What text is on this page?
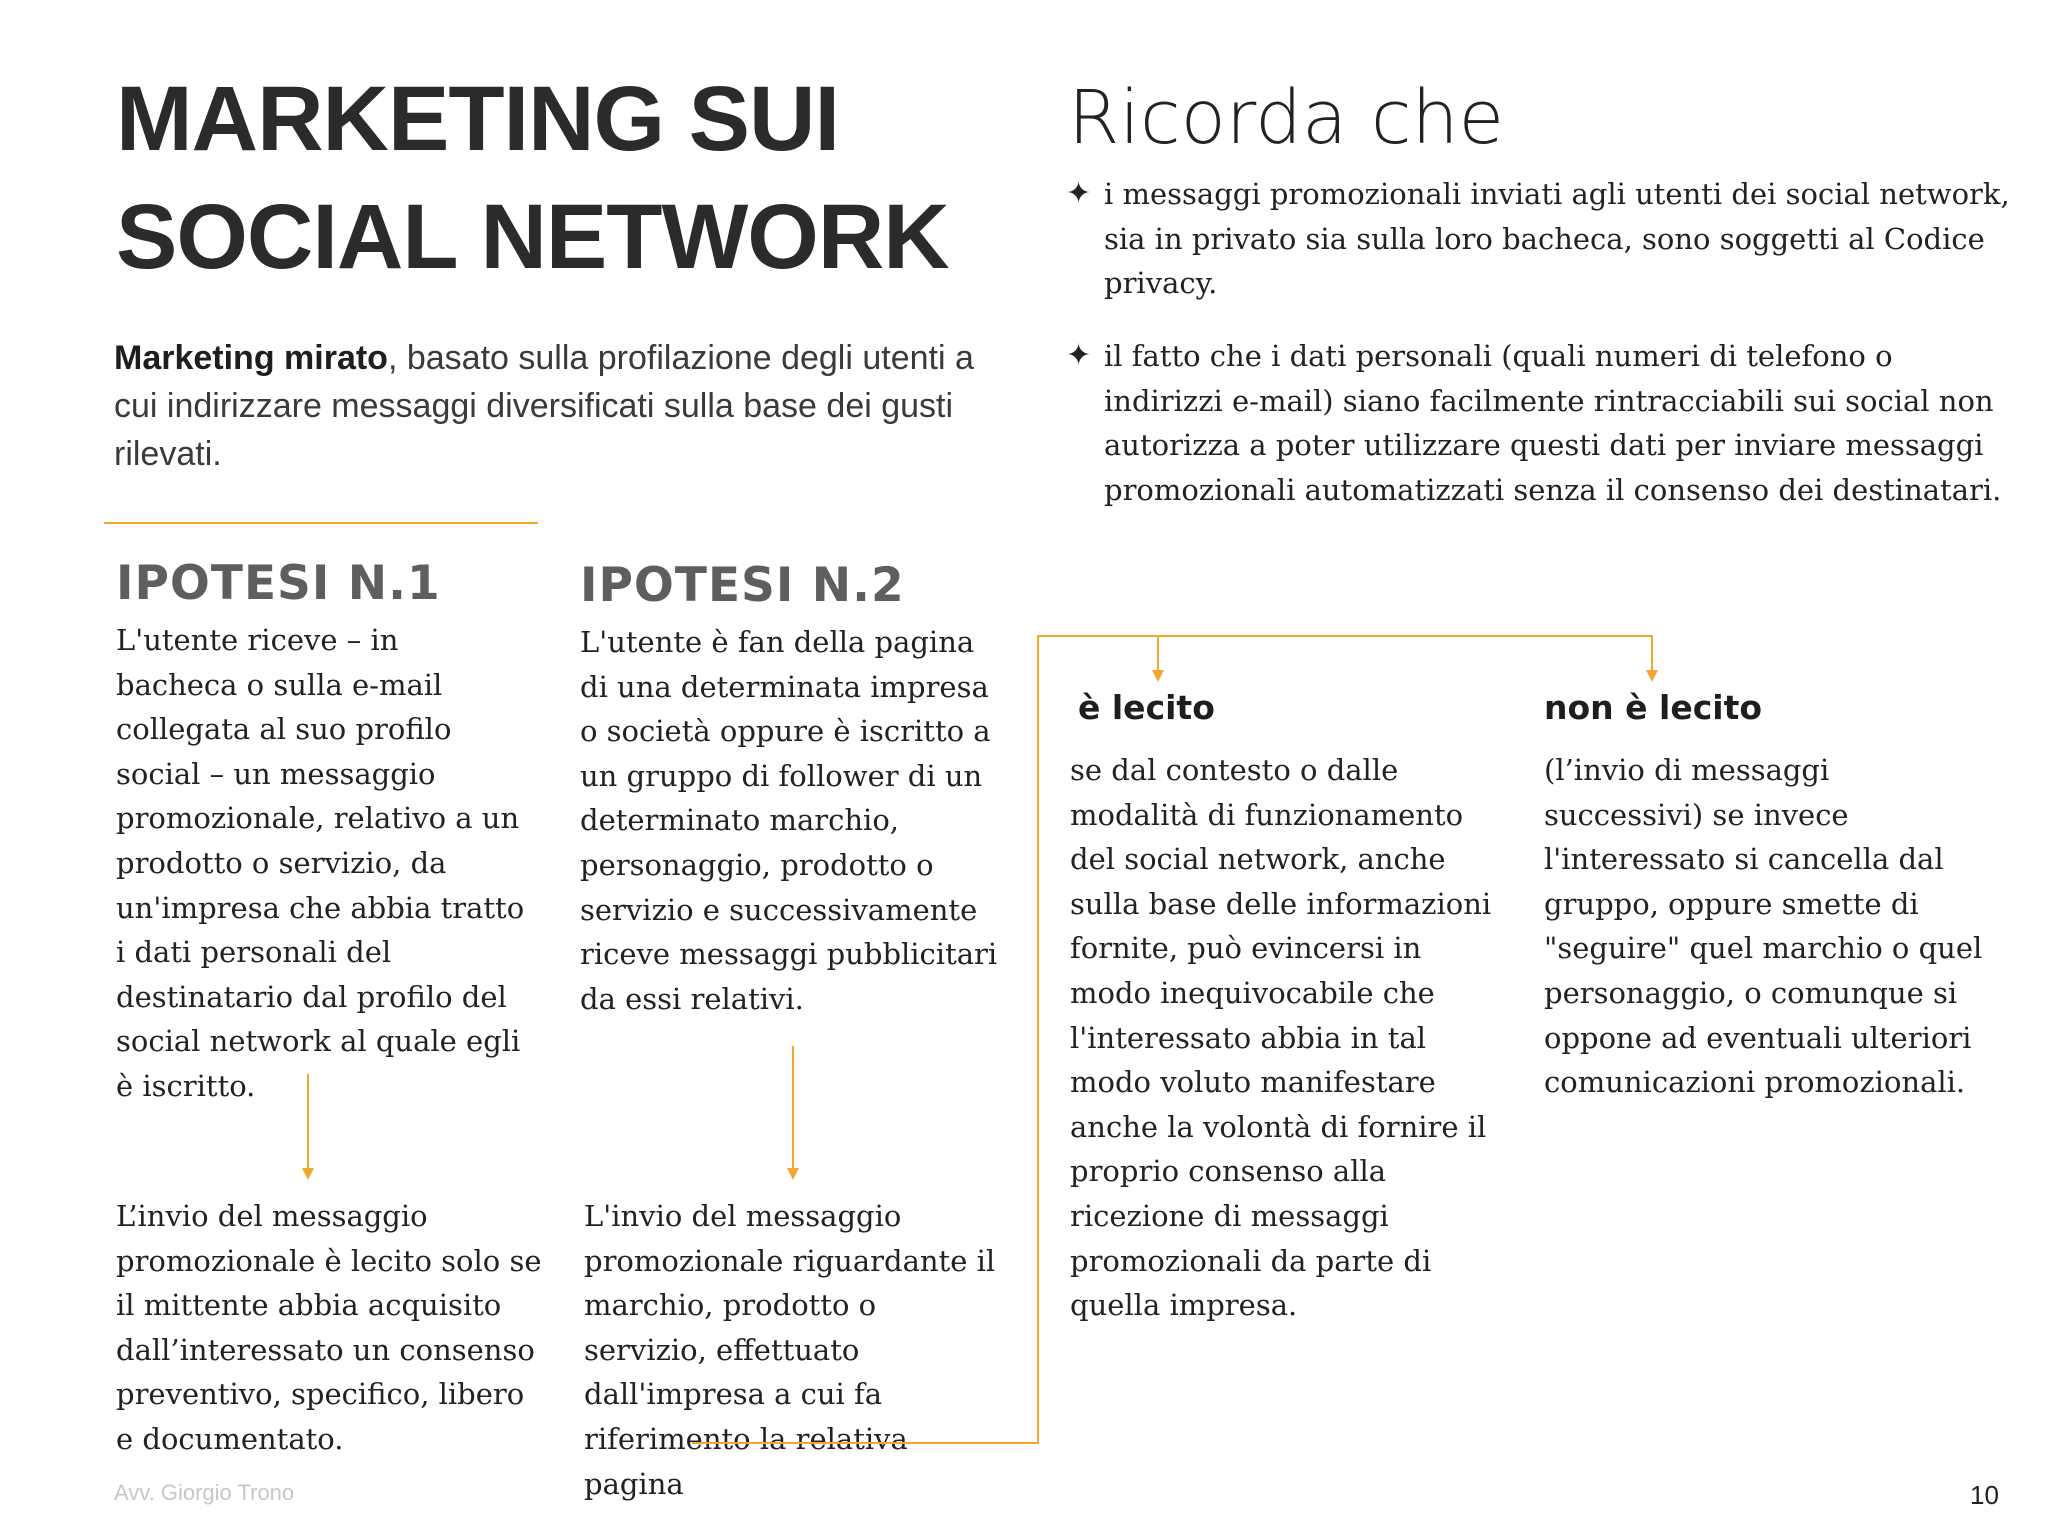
MARKETING SUI
SOCIAL NETWORK
Marketing mirato, basato sulla profilazione degli utenti a cui indirizzare messaggi diversificati sulla base dei gusti rilevati.
Ricorda che
✦ i messaggi promozionali inviati agli utenti dei social network, sia in privato sia sulla loro bacheca, sono soggetti al Codice privacy.
✦ il fatto che i dati personali (quali numeri di telefono o indirizzi e-mail) siano facilmente rintracciabili sui social non autorizza a poter utilizzare questi dati per inviare messaggi promozionali automatizzati senza il consenso dei destinatari.
IPOTESI N.1
L'utente riceve – in bacheca o sulla e-mail collegata al suo profilo social – un messaggio promozionale, relativo a un prodotto o servizio, da un'impresa che abbia tratto i dati personali del destinatario dal profilo del social network al quale egli è iscritto.
L’invio del messaggio promozionale è lecito solo se il mittente abbia acquisito dall’interessato un consenso preventivo, specifico, libero e documentato.
IPOTESI N.2
L'utente è fan della pagina di una determinata impresa o società oppure è iscritto a un gruppo di follower di un determinato marchio, personaggio, prodotto o servizio e successivamente riceve messaggi pubblicitari da essi relativi.
L'invio del messaggio promozionale riguardante il marchio, prodotto o servizio, effettuato dall'impresa a cui fa riferimento la relativa pagina
è lecito
se dal contesto o dalle modalità di funzionamento del social network, anche sulla base delle informazioni fornite, può evincersi in modo inequivocabile che l'interessato abbia in tal modo voluto manifestare anche la volontà di fornire il proprio consenso alla ricezione di messaggi promozionali da parte di quella impresa.
non è lecito
(l’invio di messaggi successivi) se invece l'interessato si cancella dal gruppo, oppure smette di "seguire" quel marchio o quel personaggio, o comunque si oppone ad eventuali ulteriori comunicazioni promozionali.
Avv. Giorgio Trono	10
